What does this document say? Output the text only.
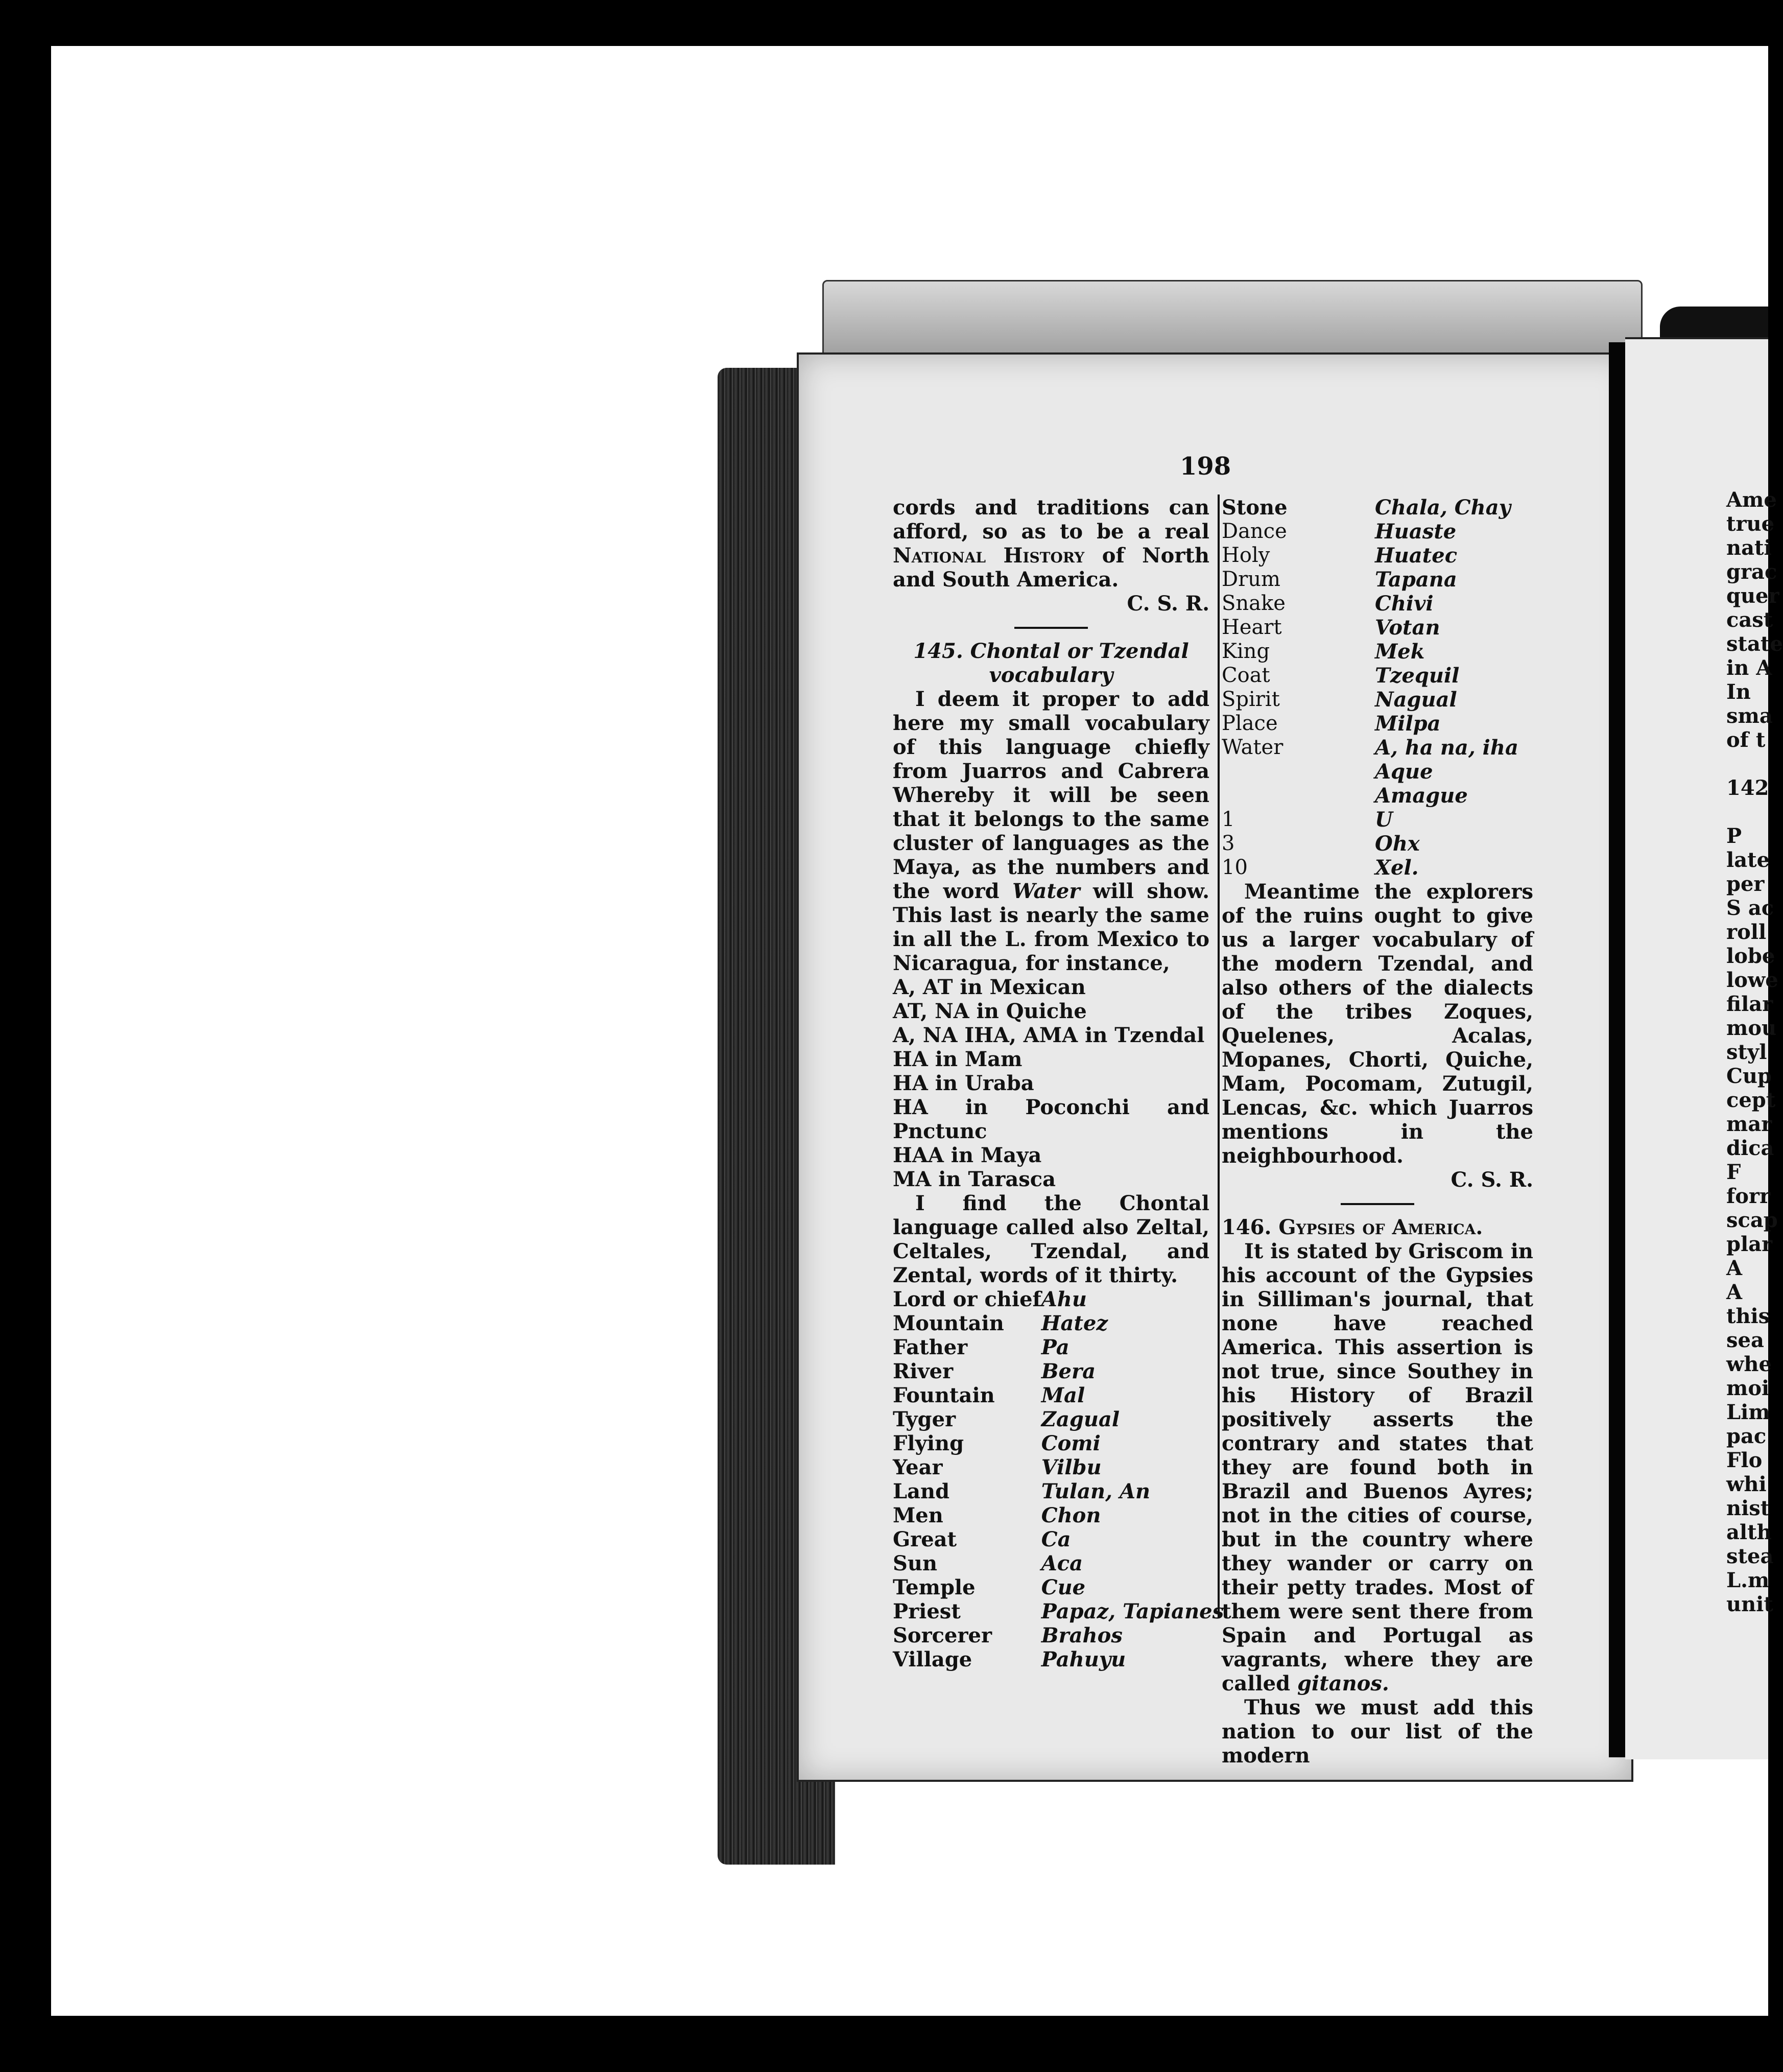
198

cords and traditions can afford, so as to be a real National History of North and South America.

C. S. R.

145. Chontal or Tzendal vocabulary

I deem it proper to add here my small vocabulary of this language chiefly from Juarros and Cabrera Whereby it will be seen that it belongs to the same cluster of languages as the Maya, as the numbers and the word Water will show. This last is nearly the same in all the L. from Mexico to Nicaragua, for instance,

A, AT in Mexican

AT, NA in Quiche

A, NA IHA, AMA in Tzendal

HA in Mam

HA in Uraba

HA in Poconchi and Pnctunc

HAA in Maya

MA in Tarasca

I find the Chontal language called also Zeltal, Celtales, Tzendal, and Zental, words of it thirty.

Lord or chief	Ahu
Mountain	Hatez
Father	Pa
River	Bera
Fountain	Mal
Tyger	Zagual
Flying	Comi
Year	Vilbu
Land	Tulan, An
Men	Chon
Great	Ca
Sun	Aca
Temple	Cue
Priest	Papaz, Tapianes
Sorcerer	Brahos
Village	Pahuyu
Stone	Chala, Chay
Dance	Huaste
Holy	Huatec
Drum	Tapana
Snake	Chivi
Heart	Votan
King	Mek
Coat	Tzequil
Spirit	Nagual
Place	Milpa
Water	A, ha na, iha
	Aque
	Amague
1	U
3	Ohx
10	Xel.

Meantime the explorers of the ruins ought to give us a larger vocabulary of the modern Tzendal, and also others of the dialects of the tribes Zoques, Quelenes, Acalas, Mopanes, Chorti, Quiche, Mam, Pocomam, Zutugil, Lencas, &c. which Juarros mentions in the neighbourhood.

C. S. R.

146. Gypsies of America.

It is stated by Griscom in his account of the Gypsies in Silliman's journal, that none have reached America. This assertion is not true, since Southey in his History of Brazil positively asserts the contrary and states that they are found both in Brazil and Buenos Ayres; not in the cities of course, but in the country where they wander or carry on their petty trades. Most of them were sent there from Spain and Portugal as vagrants, where they are called gitanos.

Thus we must add this nation to our list of the modern

Ame
true
nati
grac
quer
cast
state
in A
In
sma
of t
142
P
late
per
S ac
roll
lobe
lowe
filar
mou
styl
Cup
cept
mar
dica
F
forr
scap
plar
A
A
this
sea
whe
moi
Lim
pac
Flo
whi
nist
alth
stea
L.m
unit
